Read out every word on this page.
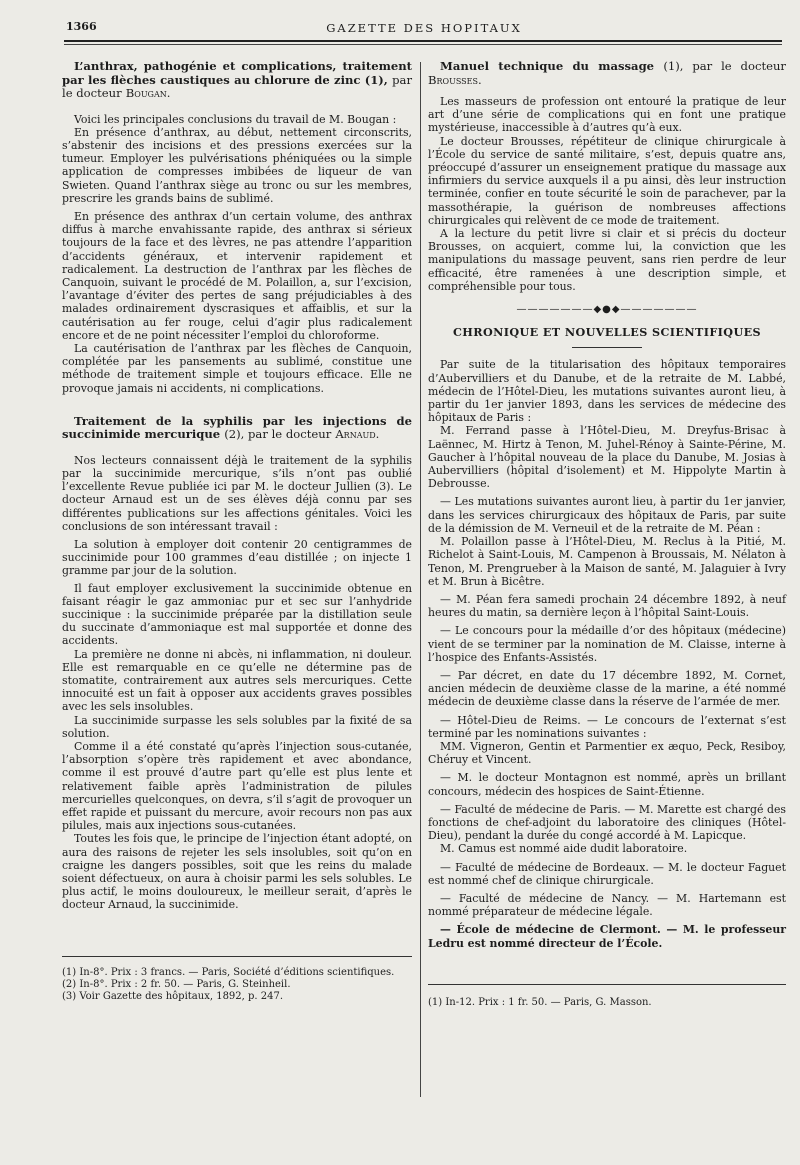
1366	GAZETTE DES HOPITAUX
L’anthrax, pathogénie et complications, traitement par les flèches caustiques au chlorure de zinc (1), par le docteur Bougan.

Voici les principales conclusions du travail de M. Bougan :

En présence d’anthrax, au début, nettement circonscrits, s’abstenir des incisions et des pressions exercées sur la tumeur. Employer les pulvérisations phéniquées ou la simple application de compresses imbibées de liqueur de van Swieten. Quand l’anthrax siège au tronc ou sur les membres, prescrire les grands bains de sublimé.

En présence des anthrax d’un certain volume, des anthrax diffus à marche envahissante rapide, des anthrax si sérieux toujours de la face et des lèvres, ne pas attendre l’apparition d’accidents généraux, et intervenir rapidement et radicalement. La destruction de l’anthrax par les flèches de Canquoin, suivant le procédé de M. Polaillon, a, sur l’excision, l’avantage d’éviter des pertes de sang préjudiciables à des malades ordinairement dyscrasiques et affaiblis, et sur la cautérisation au fer rouge, celui d’agir plus radicalement encore et de ne point nécessiter l’emploi du chloroforme.

La cautérisation de l’anthrax par les flèches de Canquoin, complétée par les pansements au sublimé, constitue une méthode de traitement simple et toujours efficace. Elle ne provoque jamais ni accidents, ni complications.

Traitement de la syphilis par les injections de succinimide mercurique (2), par le docteur Arnaud.

Nos lecteurs connaissent déjà le traitement de la syphilis par la succinimide mercurique, s’ils n’ont pas oublié l’excellente Revue publiée ici par M. le docteur Jullien (3). Le docteur Arnaud est un de ses élèves déjà connu par ses différentes publications sur les affections génitales. Voici les conclusions de son intéressant travail :

La solution à employer doit contenir 20 centigrammes de succinimide pour 100 grammes d’eau distillée ; on injecte 1 gramme par jour de la solution.

Il faut employer exclusivement la succinimide obtenue en faisant réagir le gaz ammoniac pur et sec sur l’anhydride succinique : la succinimide préparée par la distillation seule du succinate d’ammoniaque est mal supportée et donne des accidents.

La première ne donne ni abcès, ni inflammation, ni douleur. Elle est remarquable en ce qu’elle ne détermine pas de stomatite, contrairement aux autres sels mercuriques. Cette innocuité est un fait à opposer aux accidents graves possibles avec les sels insolubles.

La succinimide surpasse les sels solubles par la fixité de sa solution.

Comme il a été constaté qu’après l’injection sous-cutanée, l’absorption s’opère très rapidement et avec abondance, comme il est prouvé d’autre part qu’elle est plus lente et relativement faible après l’administration de pilules mercurielles quelconques, on devra, s’il s’agit de provoquer un effet rapide et puissant du mercure, avoir recours non pas aux pilules, mais aux injections sous-cutanées.

Toutes les fois que, le principe de l’injection étant adopté, on aura des raisons de rejeter les sels insolubles, soit qu’on en craigne les dangers possibles, soit que les reins du malade soient défectueux, on aura à choisir parmi les sels solubles. Le plus actif, le moins douloureux, le meilleur serait, d’après le docteur Arnaud, la succinimide.

(1) In-8°. Prix : 3 francs. — Paris, Société d’éditions scientifiques.

(2) In-8°. Prix : 2 fr. 50. — Paris, G. Steinheil.

(3) Voir Gazette des hôpitaux, 1892, p. 247.

Manuel technique du massage (1), par le docteur Brousses.

Les masseurs de profession ont entouré la pratique de leur art d’une série de complications qui en font une pratique mystérieuse, inaccessible à d’autres qu’à eux.

Le docteur Brousses, répétiteur de clinique chirurgicale à l’École du service de santé militaire, s’est, depuis quatre ans, préoccupé d’assurer un enseignement pratique du massage aux infirmiers du service auxquels il a pu ainsi, dès leur instruction terminée, confier en toute sécurité le soin de parachever, par la massothérapie, la guérison de nombreuses affections chirurgicales qui relèvent de ce mode de traitement.

A la lecture du petit livre si clair et si précis du docteur Brousses, on acquiert, comme lui, la conviction que les manipulations du massage peuvent, sans rien perdre de leur efficacité, être ramenées à une description simple, et compréhensible pour tous.

———————◆●◆———————
CHRONIQUE ET NOUVELLES SCIENTIFIQUES

Par suite de la titularisation des hôpitaux temporaires d’Aubervilliers et du Danube, et de la retraite de M. Labbé, médecin de l’Hôtel-Dieu, les mutations suivantes auront lieu, à partir du 1er janvier 1893, dans les services de médecine des hôpitaux de Paris :

M. Ferrand passe à l’Hôtel-Dieu, M. Dreyfus-Brisac à Laënnec, M. Hirtz à Tenon, M. Juhel-Rénoy à Sainte-Périne, M. Gaucher à l’hôpital nouveau de la place du Danube, M. Josias à Aubervilliers (hôpital d’isolement) et M. Hippolyte Martin à Debrousse.

— Les mutations suivantes auront lieu, à partir du 1er janvier, dans les services chirurgicaux des hôpitaux de Paris, par suite de la démission de M. Verneuil et de la retraite de M. Péan :

M. Polaillon passe à l’Hôtel-Dieu, M. Reclus à la Pitié, M. Richelot à Saint-Louis, M. Campenon à Broussais, M. Nélaton à Tenon, M. Prengrueber à la Maison de santé, M. Jalaguier à Ivry et M. Brun à Bicêtre.

— M. Péan fera samedi prochain 24 décembre 1892, à neuf heures du matin, sa dernière leçon à l’hôpital Saint-Louis.

— Le concours pour la médaille d’or des hôpitaux (médecine) vient de se terminer par la nomination de M. Claisse, interne à l’hospice des Enfants-Assistés.

— Par décret, en date du 17 décembre 1892, M. Cornet, ancien médecin de deuxième classe de la marine, a été nommé médecin de deuxième classe dans la réserve de l’armée de mer.

— Hôtel-Dieu de Reims. — Le concours de l’externat s’est terminé par les nominations suivantes :

MM. Vigneron, Gentin et Parmentier ex æquo, Peck, Resiboy, Chéruy et Vincent.

— M. le docteur Montagnon est nommé, après un brillant concours, médecin des hospices de Saint-Étienne.

— Faculté de médecine de Paris. — M. Marette est chargé des fonctions de chef-adjoint du laboratoire des cliniques (Hôtel-Dieu), pendant la durée du congé accordé à M. Lapicque.

M. Camus est nommé aide dudit laboratoire.

— Faculté de médecine de Bordeaux. — M. le docteur Faguet est nommé chef de clinique chirurgicale.

— Faculté de médecine de Nancy. — M. Hartemann est nommé préparateur de médecine légale.

— École de médecine de Clermont. — M. le professeur Ledru est nommé directeur de l’École.

(1) In-12. Prix : 1 fr. 50. — Paris, G. Masson.
